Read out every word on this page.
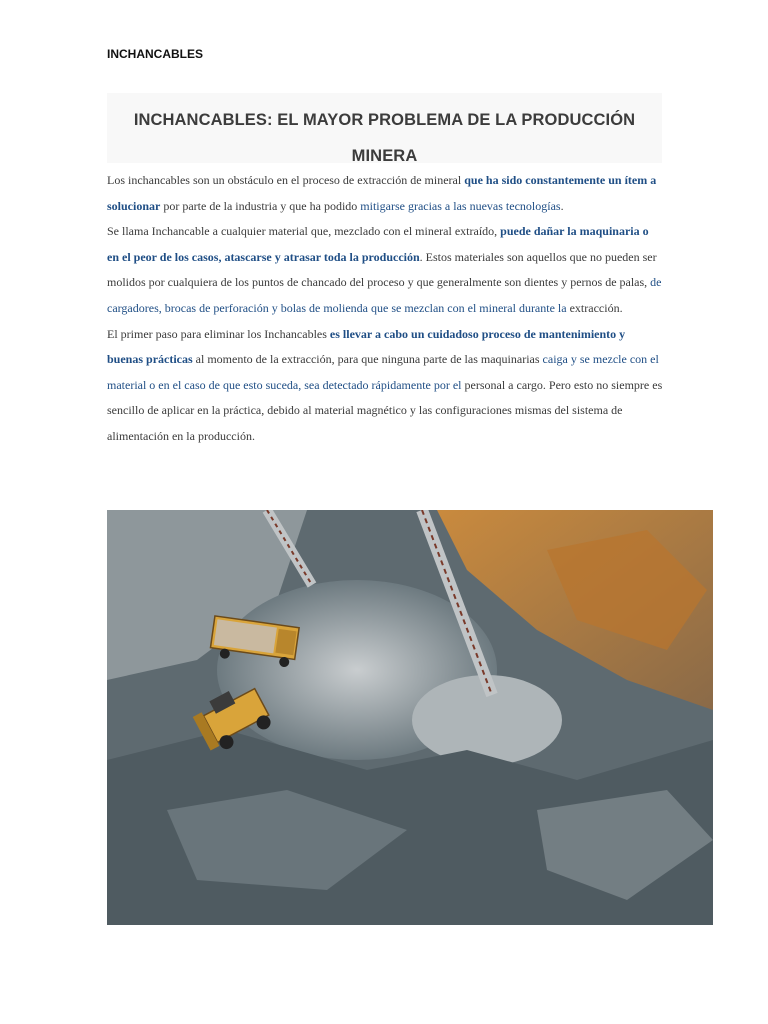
INCHANCABLES
INCHANCABLES: EL MAYOR PROBLEMA DE LA PRODUCCIÓN MINERA

Los inchancables son un obstáculo en el proceso de extracción de mineral que ha sido constantemente un ítem a solucionar por parte de la industria y que ha podido mitigarse gracias a las nuevas tecnologías.

Se llama Inchancable a cualquier material que, mezclado con el mineral extraído, puede dañar la maquinaria o en el peor de los casos, atascarse y atrasar toda la producción. Estos materiales son aquellos que no pueden ser molidos por cualquiera de los puntos de chancado del proceso y que generalmente son dientes y pernos de palas, de cargadores, brocas de perforación y bolas de molienda que se mezclan con el mineral durante la extracción.

El primer paso para eliminar los Inchancables es llevar a cabo un cuidadoso proceso de mantenimiento y buenas prácticas al momento de la extracción, para que ninguna parte de las maquinarias caiga y se mezcle con el material o en el caso de que esto suceda, sea detectado rápidamente por el personal a cargo. Pero esto no siempre es sencillo de aplicar en la práctica, debido al material magnético y las configuraciones mismas del sistema de alimentación en la producción.
